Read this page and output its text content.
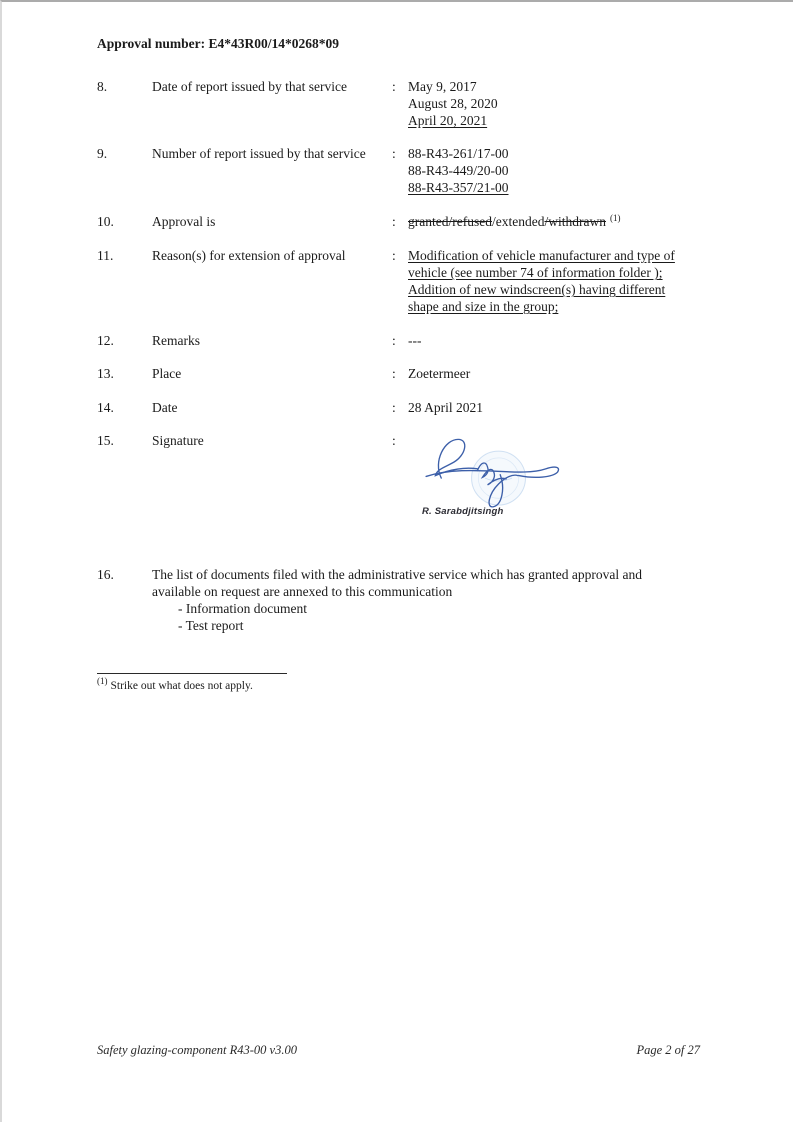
Approval number: E4*43R00/14*0268*09
8.	Date of report issued by that service	: May 9, 2017
August 28, 2020
April 20, 2021
9.	Number of report issued by that service	: 88-R43-261/17-00
88-R43-449/20-00
88-R43-357/21-00
10.	Approval is	: granted/refused/extended/withdrawn $^{(1)}$
11.	Reason(s) for extension of approval	: Modification of vehicle manufacturer and type of
vehicle (see number 74 of information folder );
Addition of new windscreen(s) having different
shape and size in the group;
12.	Remarks	: ---
13.	Place	: Zoetermeer
14.	Date	: 28 April 2021
15.	Signature	:
R. Sarabdjitsingh
16.	The list of documents filed with the administrative service which has granted approval and
available on request are annexed to this communication
- Information document
- Test report
$^{(1)}$ Strike out what does not apply.
Safety glazing-component R43-00 v3.00	Page 2 of 27
